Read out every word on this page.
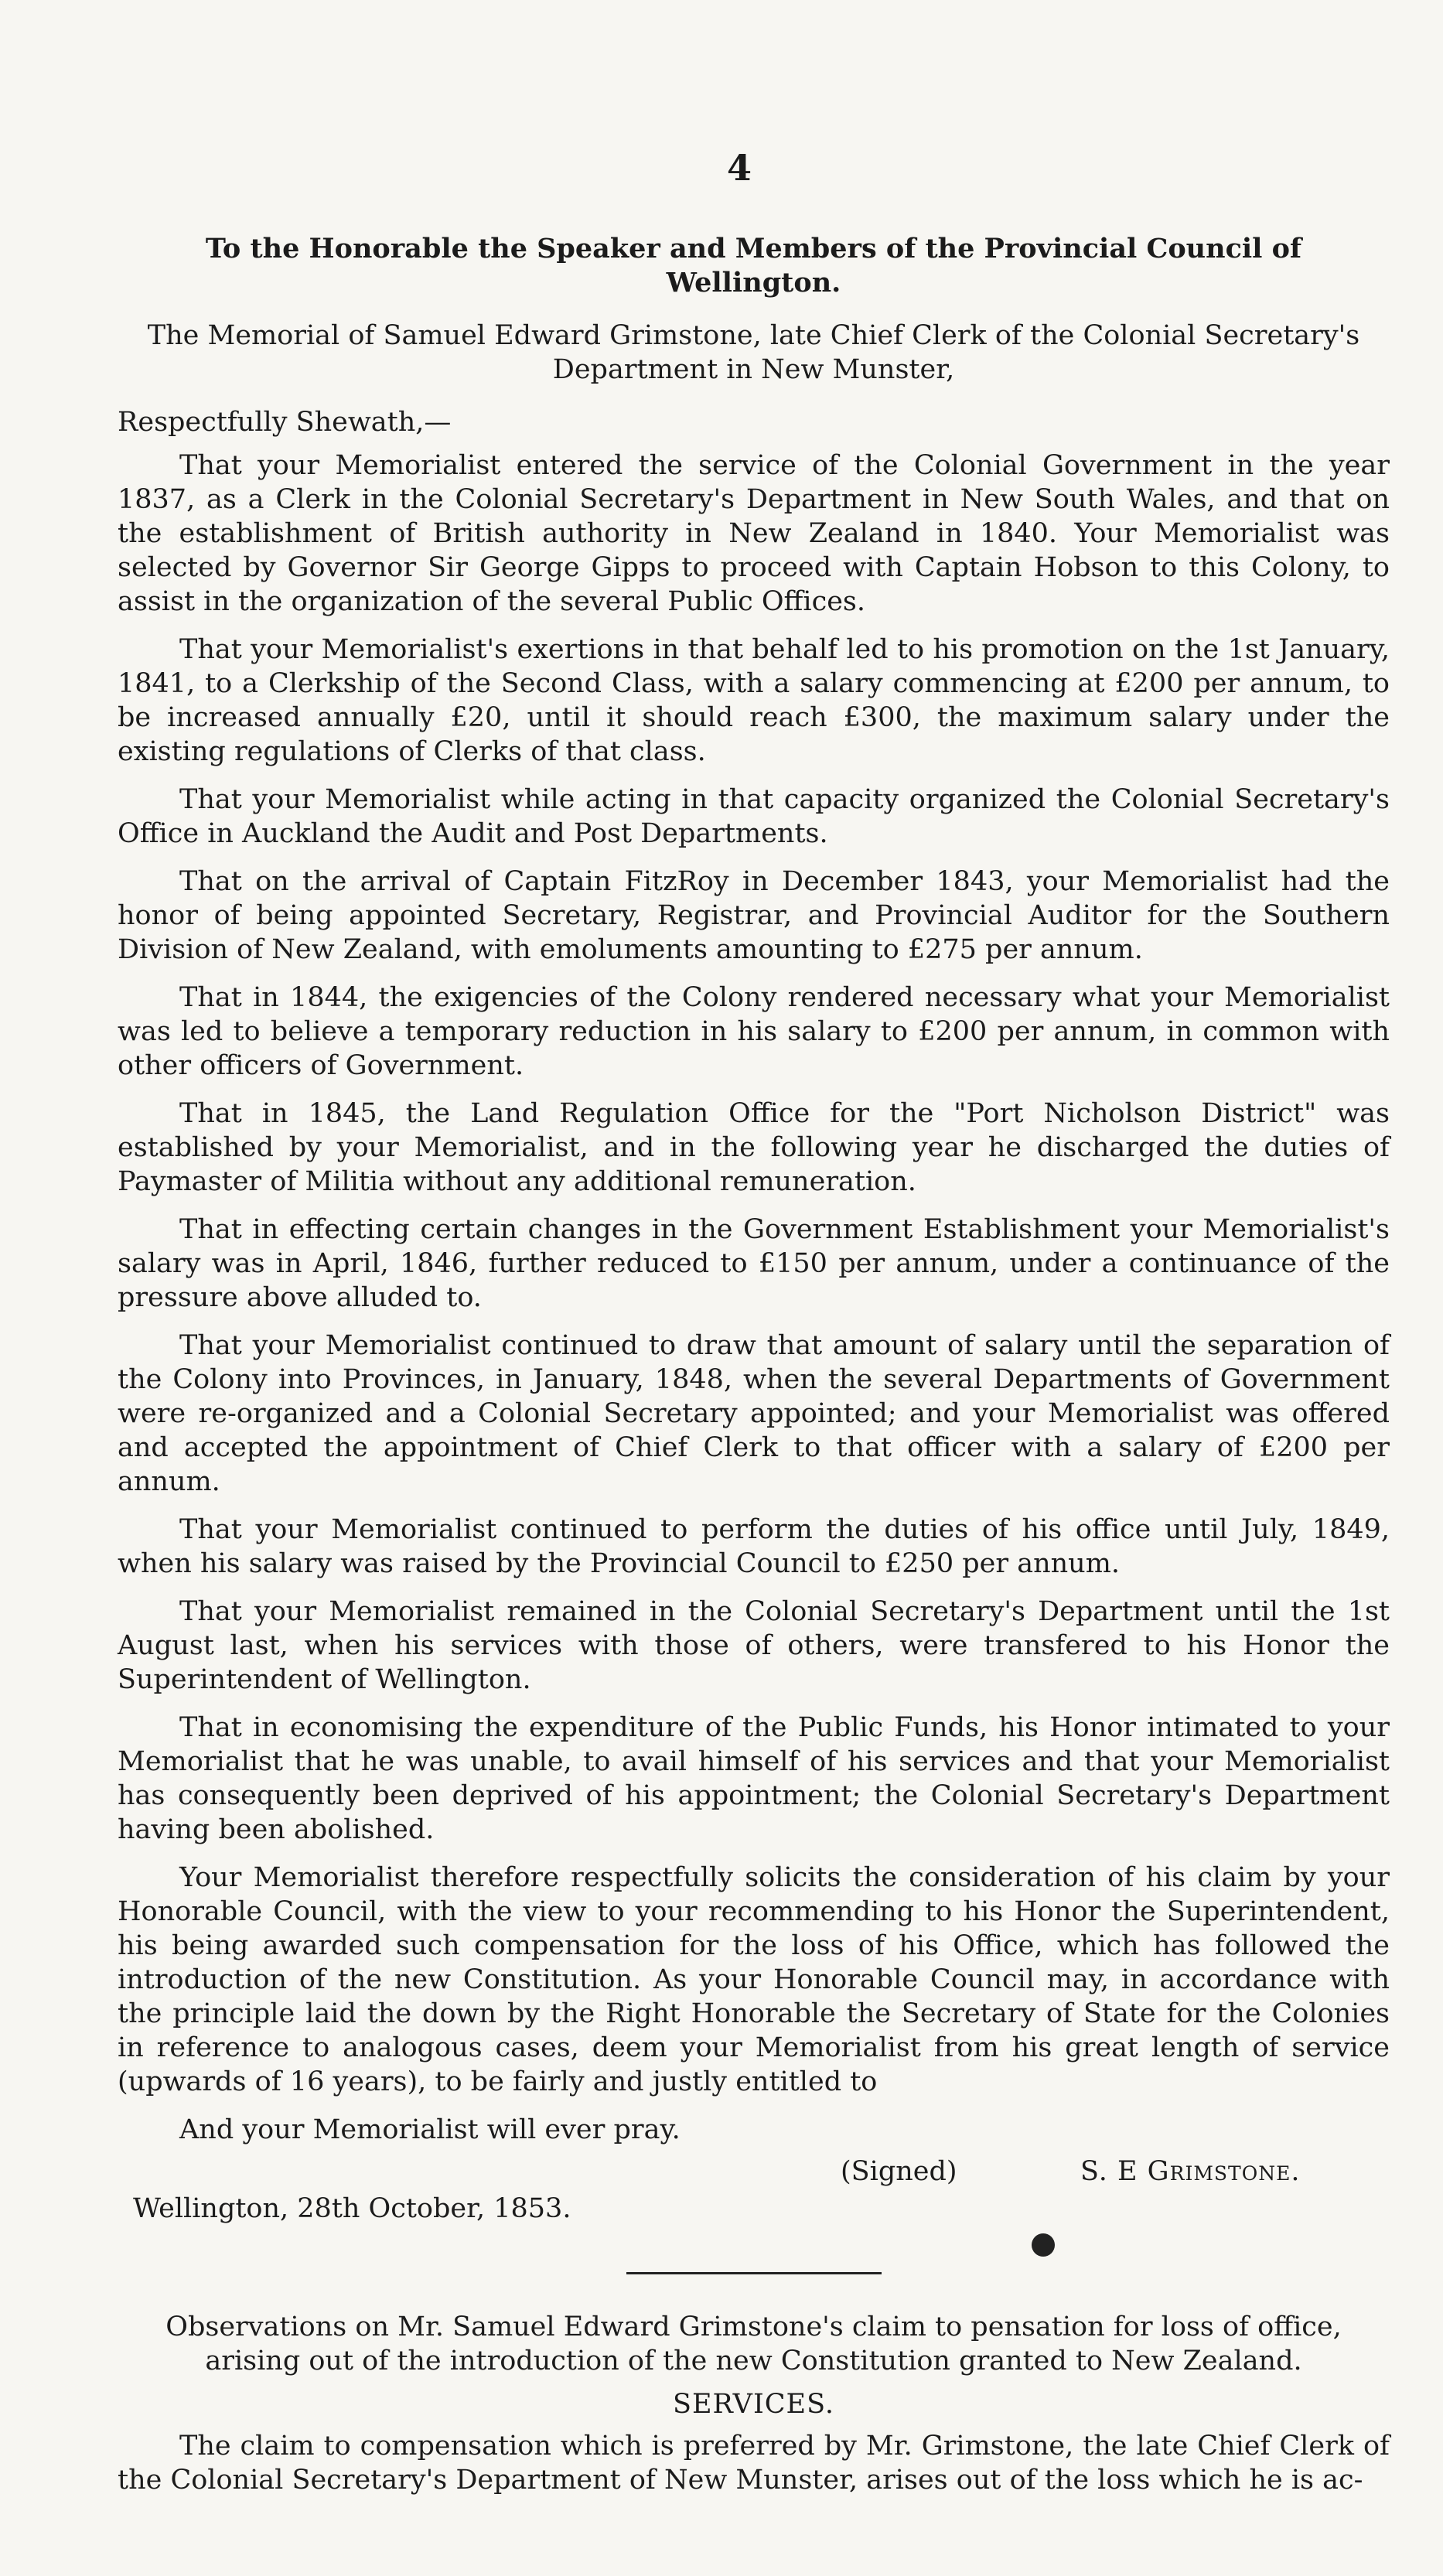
4
To the Honorable the Speaker and Members of the Provincial Council of Wellington.
The Memorial of Samuel Edward Grimstone, late Chief Clerk of the Colonial Secretary's Department in New Munster,
Respectfully Shewath,—

That your Memorialist entered the service of the Colonial Government in the year 1837, as a Clerk in the Colonial Secretary's Department in New South Wales, and that on the establishment of British authority in New Zealand in 1840. Your Memorialist was selected by Governor Sir George Gipps to proceed with Captain Hobson to this Colony, to assist in the organization of the several Public Offices.

That your Memorialist's exertions in that behalf led to his promotion on the 1st January, 1841, to a Clerkship of the Second Class, with a salary commencing at £200 per annum, to be increased annually £20, until it should reach £300, the maximum salary under the existing regulations of Clerks of that class.

That your Memorialist while acting in that capacity organized the Colonial Secretary's Office in Auckland the Audit and Post Departments.

That on the arrival of Captain FitzRoy in December 1843, your Memorialist had the honor of being appointed Secretary, Registrar, and Provincial Auditor for the Southern Division of New Zealand, with emoluments amounting to £275 per annum.

That in 1844, the exigencies of the Colony rendered necessary what your Memorialist was led to believe a temporary reduction in his salary to £200 per annum, in common with other officers of Government.

That in 1845, the Land Regulation Office for the "Port Nicholson District" was established by your Memorialist, and in the following year he discharged the duties of Paymaster of Militia without any additional remuneration.

That in effecting certain changes in the Government Establishment your Memorialist's salary was in April, 1846, further reduced to £150 per annum, under a continuance of the pressure above alluded to.

That your Memorialist continued to draw that amount of salary until the separation of the Colony into Provinces, in January, 1848, when the several Departments of Government were re-organized and a Colonial Secretary appointed; and your Memorialist was offered and accepted the appointment of Chief Clerk to that officer with a salary of £200 per annum.

That your Memorialist continued to perform the duties of his office until July, 1849, when his salary was raised by the Provincial Council to £250 per annum.

That your Memorialist remained in the Colonial Secretary's Department until the 1st August last, when his services with those of others, were transfered to his Honor the Superintendent of Wellington.

That in economising the expenditure of the Public Funds, his Honor intimated to your Memorialist that he was unable, to avail himself of his services and that your Memorialist has consequently been deprived of his appointment; the Colonial Secretary's Department having been abolished.

Your Memorialist therefore respectfully solicits the consideration of his claim by your Honorable Council, with the view to your recommending to his Honor the Superintendent, his being awarded such compensation for the loss of his Office, which has followed the introduction of the new Constitution. As your Honorable Council may, in accordance with the principle laid the down by the Right Honorable the Secretary of State for the Colonies in reference to analogous cases, deem your Memorialist from his great length of service (upwards of 16 years), to be fairly and justly entitled to

And your Memorialist will ever pray.
(Signed)	S. E Grimstone.
Wellington, 28th October, 1853.
Observations on Mr. Samuel Edward Grimstone's claim to pensation for loss of office, arising out of the introduction of the new Constitution granted to New Zealand.
SERVICES.

The claim to compensation which is preferred by Mr. Grimstone, the late Chief Clerk of the Colonial Secretary's Department of New Munster, arises out of the loss which he is ac-
